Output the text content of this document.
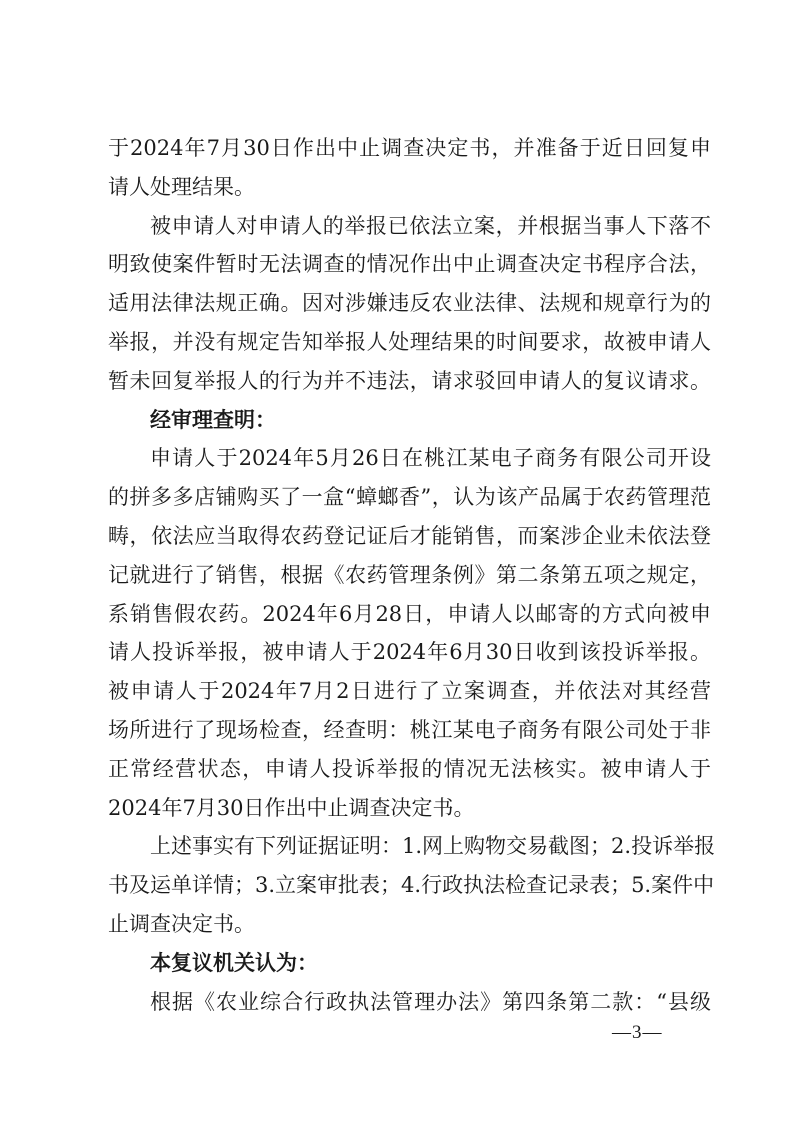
于2024年7月30日作出中止调查决定书，并准备于近日回复申
请人处理结果。
被申请人对申请人的举报已依法立案，并根据当事人下落不
明致使案件暂时无法调查的情况作出中止调查决定书程序合法，
适用法律法规正确。因对涉嫌违反农业法律、法规和规章行为的
举报，并没有规定告知举报人处理结果的时间要求，故被申请人
暂未回复举报人的行为并不违法，请求驳回申请人的复议请求。
经审理查明：
申请人于2024年5月26日在桃江某电子商务有限公司开设
的拼多多店铺购买了一盒“蟑螂香”，认为该产品属于农药管理范
畴，依法应当取得农药登记证后才能销售，而案涉企业未依法登
记就进行了销售，根据《农药管理条例》第二条第五项之规定，
系销售假农药。2024年6月28日，申请人以邮寄的方式向被申
请人投诉举报，被申请人于2024年6月30日收到该投诉举报。
被申请人于2024年7月2日进行了立案调查，并依法对其经营
场所进行了现场检查，经查明：桃江某电子商务有限公司处于非
正常经营状态，申请人投诉举报的情况无法核实。被申请人于
2024年7月30日作出中止调查决定书。
上述事实有下列证据证明：1.网上购物交易截图；2.投诉举报
书及运单详情；3.立案审批表；4.行政执法检查记录表；5.案件中
止调查决定书。
本复议机关认为：
根据《农业综合行政执法管理办法》第四条第二款：“县级
—3—
